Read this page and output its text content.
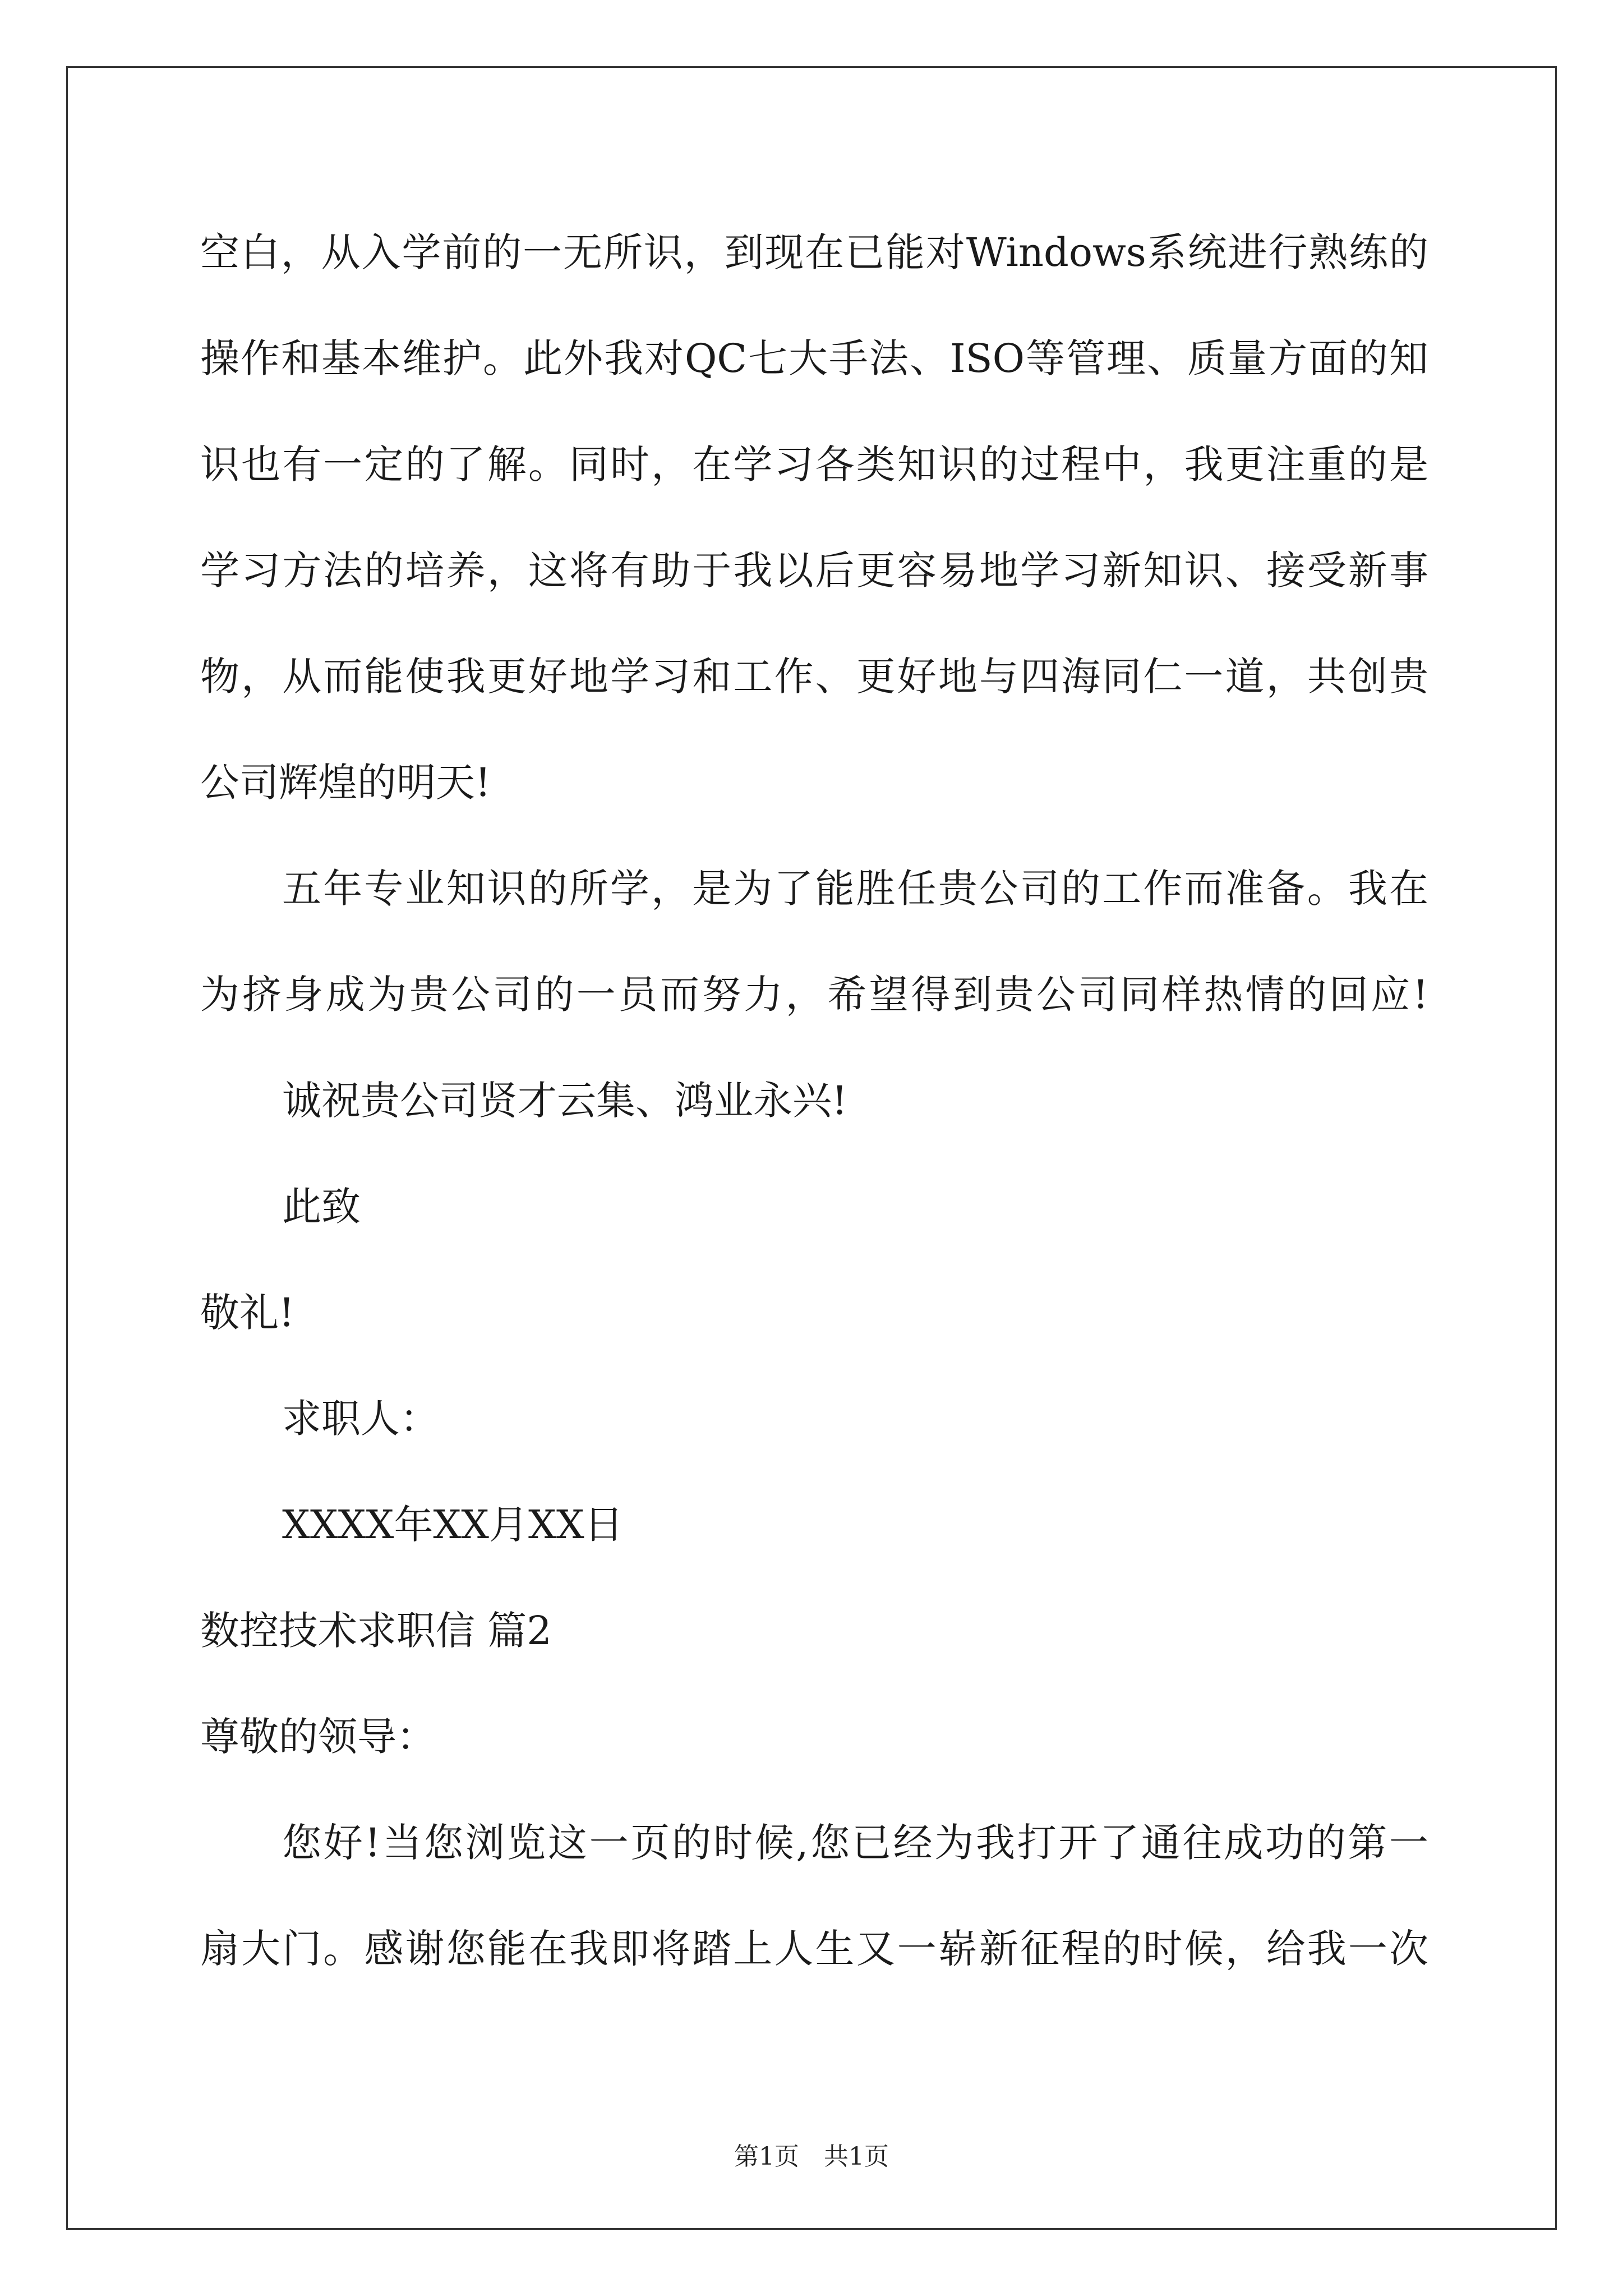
空白，从入学前的一无所识，到现在已能对Windows系统进行熟练的
操作和基本维护。此外我对QC七大手法、ISO等管理、质量方面的知
识也有一定的了解。同时，在学习各类知识的过程中，我更注重的是
学习方法的培养，这将有助于我以后更容易地学习新知识、接受新事
物，从而能使我更好地学习和工作、更好地与四海同仁一道，共创贵
公司辉煌的明天!
五年专业知识的所学，是为了能胜任贵公司的工作而准备。我在
为挤身成为贵公司的一员而努力，希望得到贵公司同样热情的回应!
诚祝贵公司贤才云集、鸿业永兴!
此致
敬礼!
求职人：
XXXX年XX月XX日
数控技术求职信 篇2
尊敬的领导：
您好!当您浏览这一页的时候,您已经为我打开了通往成功的第一
扇大门。感谢您能在我即将踏上人生又一崭新征程的时候，给我一次
第1页　共1页
